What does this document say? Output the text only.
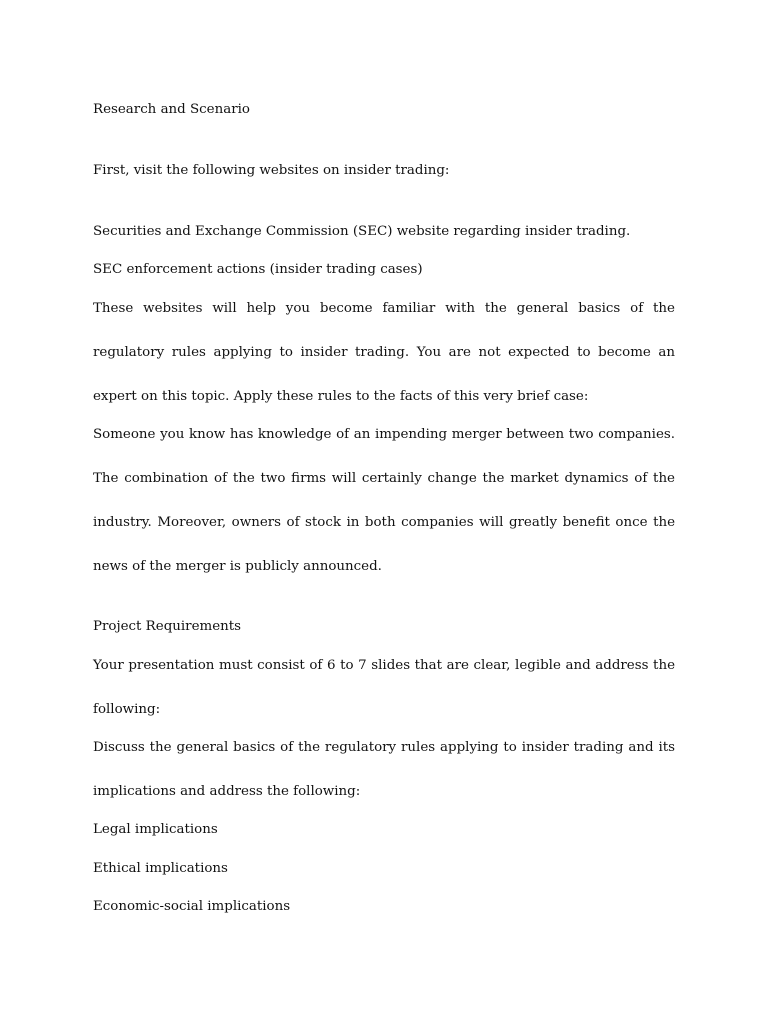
Research and Scenario

First, visit the following websites on insider trading:

Securities and Exchange Commission (SEC) website regarding insider trading.

SEC enforcement actions (insider trading cases)

These websites will help you become familiar with the general basics of the regulatory rules applying to insider trading. You are not expected to become an expert on this topic. Apply these rules to the facts of this very brief case:

Someone you know has knowledge of an impending merger between two companies. The combination of the two firms will certainly change the market dynamics of the industry. Moreover, owners of stock in both companies will greatly benefit once the news of the merger is publicly announced.

Project Requirements

Your presentation must consist of 6 to 7 slides that are clear, legible and address the following:

Discuss the general basics of the regulatory rules applying to insider trading and its implications and address the following:

Legal implications

Ethical implications

Economic-social implications
